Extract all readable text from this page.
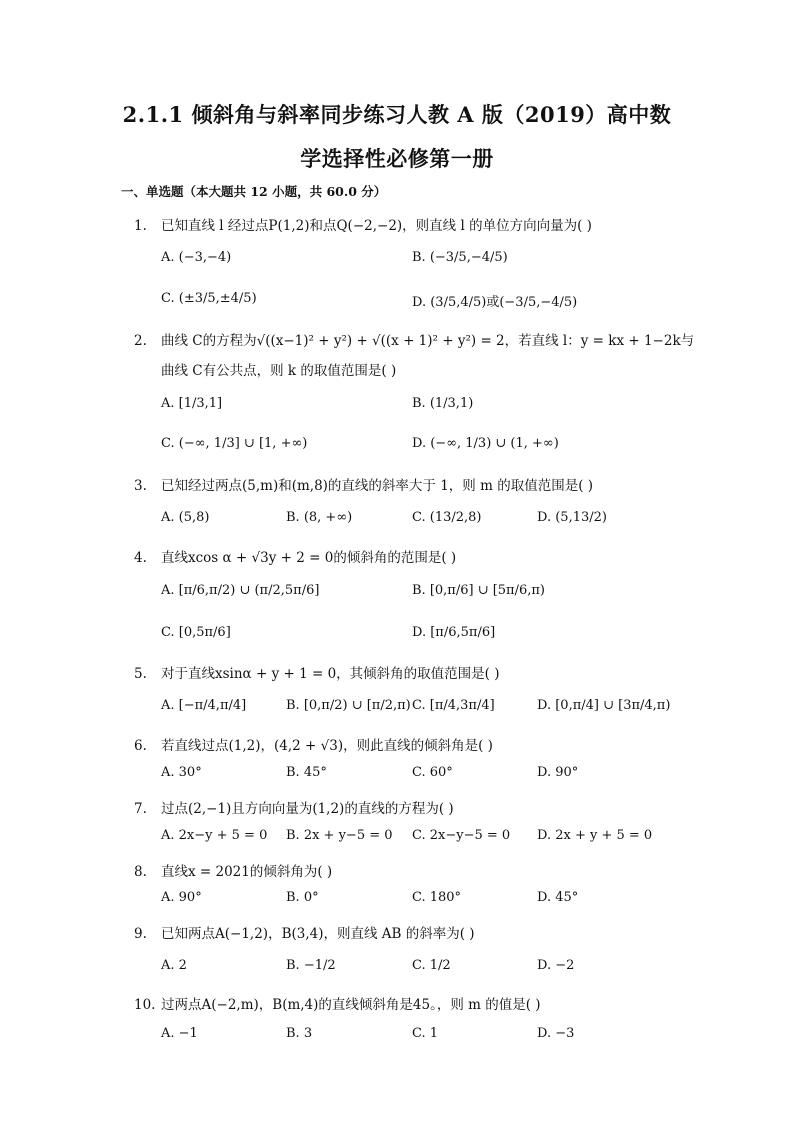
2.1.1 倾斜角与斜率同步练习人教 A 版（2019）高中数
学选择性必修第一册
一、单选题（本大题共 12 小题，共 60.0 分）
1. 已知直线 l 经过点P(1,2)和点Q(−2,−2)，则直线 l 的单位方向向量为( )
A. (−3,−4)	B. (−3/5,−4/5)
C. (±3/5,±4/5)	D. (3/5,4/5)或(−3/5,−4/5)
2. 曲线 C的方程为√((x−1)² + y²) + √((x + 1)² + y²) = 2，若直线 l：y = kx + 1−2k与
曲线 C有公共点，则 k 的取值范围是( )
A. [1/3,1]	B. (1/3,1)
C. (−∞, 1/3] ∪ [1, +∞)	D. (−∞, 1/3) ∪ (1, +∞)
3. 已知经过两点(5,m)和(m,8)的直线的斜率大于 1，则 m 的取值范围是( )
A. (5,8)	B. (8, +∞)	C. (13/2,8)	D. (5,13/2)
4. 直线xcos α + √3y + 2 = 0的倾斜角的范围是( )
A. [π/6,π/2) ∪ (π/2,5π/6]	B. [0,π/6] ∪ [5π/6,π)
C. [0,5π/6]	D. [π/6,5π/6]
5. 对于直线xsinα + y + 1 = 0，其倾斜角的取值范围是( )
A. [−π/4,π/4]	B. [0,π/2) ∪ [π/2,π) C. [π/4,3π/4]	D. [0,π/4] ∪ [3π/4,π)
6. 若直线过点(1,2)，(4,2 + √3)，则此直线的倾斜角是( )
A. 30°	B. 45°	C. 60°	D. 90°
7. 过点(2,−1)且方向向量为(1,2)的直线的方程为( )
A. 2x−y + 5 = 0 B. 2x + y−5 = 0 C. 2x−y−5 = 0 D. 2x + y + 5 = 0
8. 直线x = 2021的倾斜角为( )
A. 90°	B. 0°	C. 180°	D. 45°
9. 已知两点A(−1,2)，B(3,4)，则直线 AB 的斜率为( )
A. 2	B. −1/2	C. 1/2	D. −2
10. 过两点A(−2,m)，B(m,4)的直线倾斜角是45。，则 m 的值是( )
A. −1	B. 3	C. 1	D. −3
